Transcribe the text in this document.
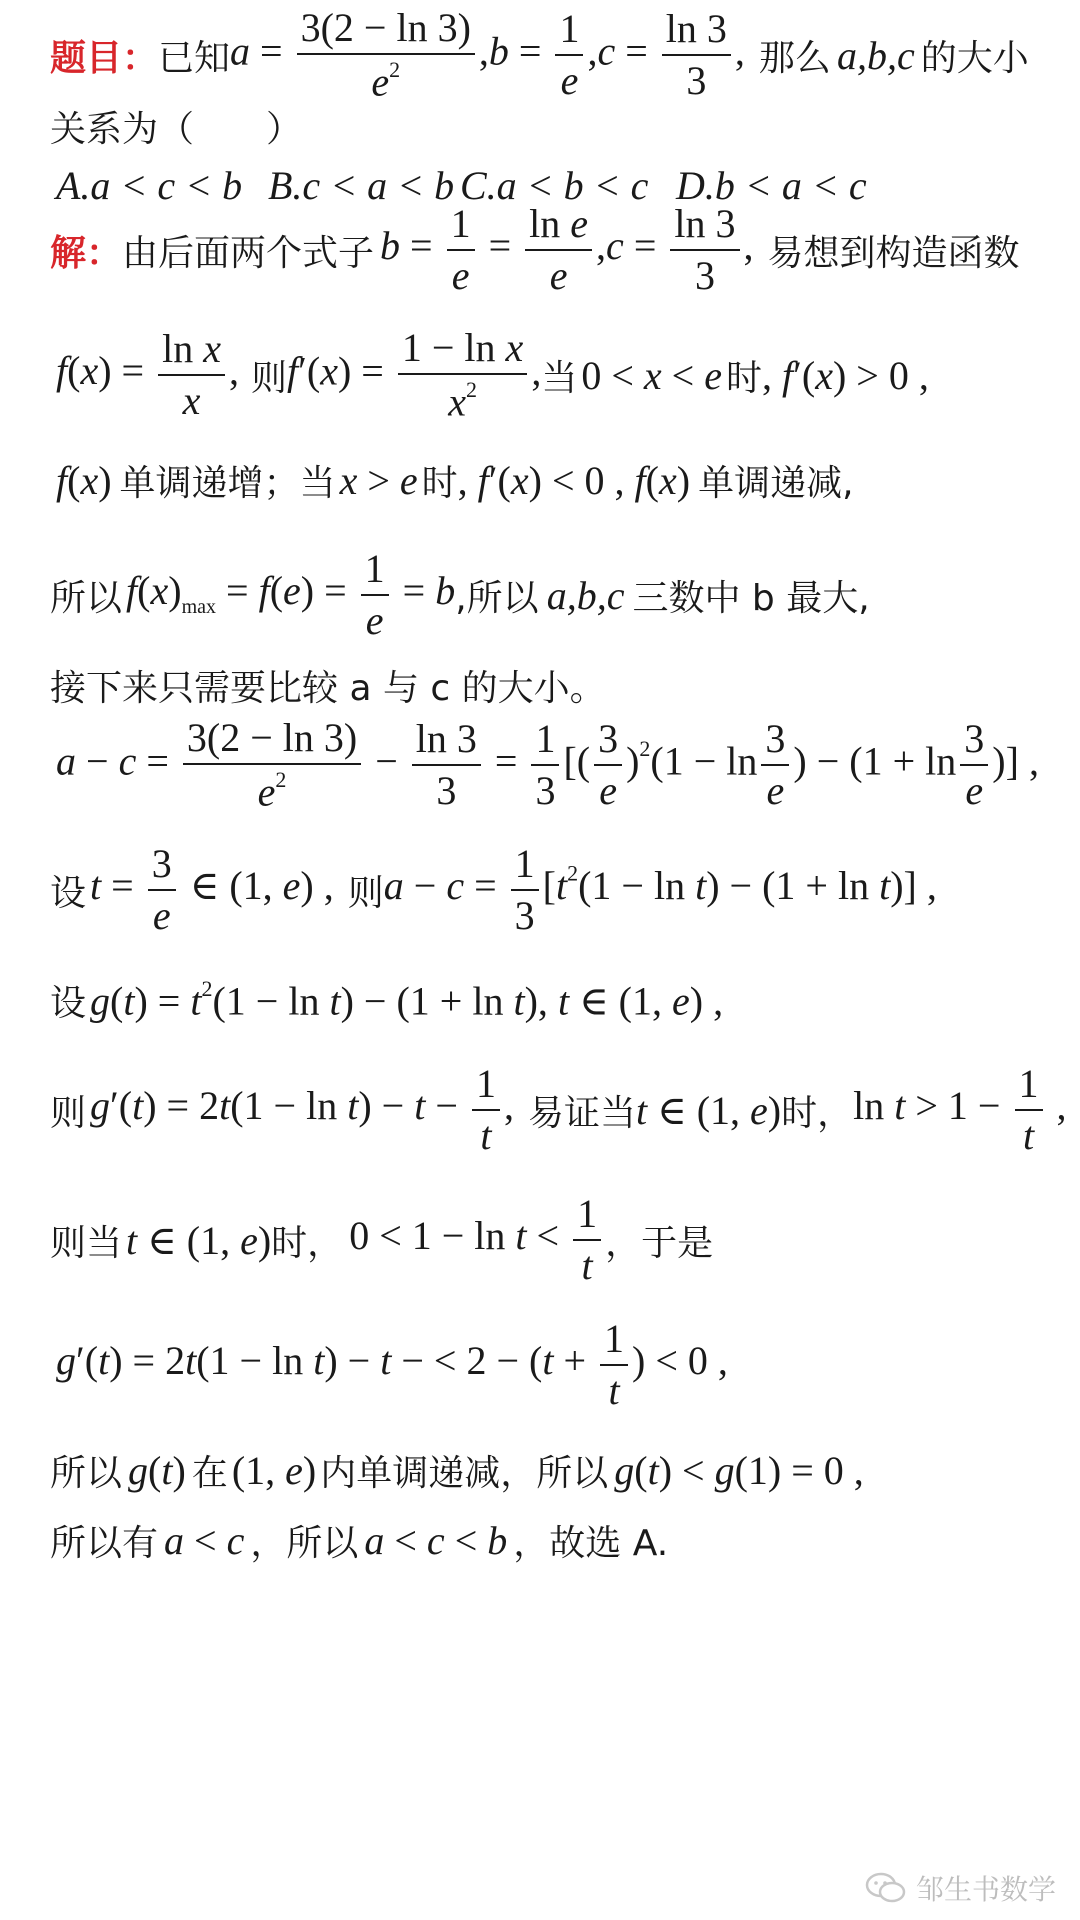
题目： 已知 $a = \frac{3(2 - \ln 3)}{e^2} ,b = \frac{1}{e} ,c = \frac{\ln 3}{3}$ , 那么 a,b,c 的大小
关系为（　　）
A.a < c < b B.c < a < b C.a < b < c D.b < a < c
解： 由后面两个式子 $b = \frac{1}{e} = \frac{\text{ln e}}{e} ,c = \frac{\ln 3}{3}$ , 易想到构造函数
$f(x) = \frac{\text{ln x}}{x}$ , 则 $f'(x) = \frac{\text{1 − ln x}}{x^2}$ , 当 0 < x < e 时 , f′(x) > 0 ,
f(x) 单调递增；当 x > e 时 , f′(x) < 0 , f(x) 单调递减,
所以 $f(x)_{max} = f(e) = \frac{1}{e} = b$ ,所以 a,b,c 三数中 b 最大,
接下来只需要比较 a 与 c 的大小。
$a - c = \frac{3(2 - \ln 3)}{e^2} - \frac{\ln 3}{3} = \frac{1}{3}$ [( $\frac{3}{e} )^2(1 - \ln \frac{3}{e}$ ) − ($1 + \ln \frac{3}{e}$ )] ,
设 $t = \frac{3}{e}$ ∈ (1, e) , 则 $a - c = \frac{1}{3} [t^2(1 - \ln t) - (1 + \ln t)]$ ,
设 $g(t) = t^2(1 - \ln t) - (1 + \ln t)$, t ∈ (1, e) ,
则 $g'(t) = 2t(1 - \ln t) - t - \frac{1}{t}$ , 易证当 t ∈ (1, e) 时， $\ln t > 1 - \frac{1}{t}$ ,
则当 t ∈ (1, e) 时， $0 < 1 - \ln t < \frac{1}{t}$ ，于是
g′(t) = 2t(1 − ln t) − t − < $2 - (t + \frac{1}{t}$ ) < 0 ,
所以 g(t) 在 (1, e) 内单调递减，所以 g(t) < g(1) = 0 ,
所以有 a < c ，所以 a < c < b ，故选 A.
邹生书数学
